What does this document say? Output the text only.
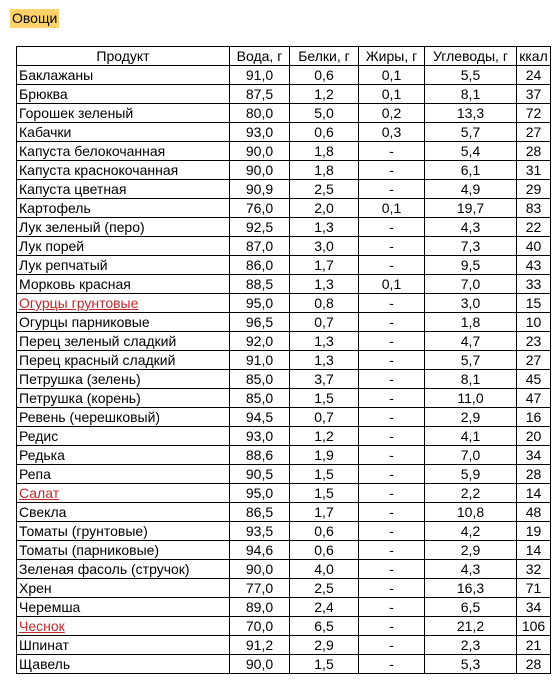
Овощи
Продукт	Вода, г	Белки, г	Жиры, г	Углеводы, г	ккал
Баклажаны	91,0	0,6	0,1	5,5	24
Брюква	87,5	1,2	0,1	8,1	37
Горошек зеленый	80,0	5,0	0,2	13,3	72
Кабачки	93,0	0,6	0,3	5,7	27
Капуста белокочанная	90,0	1,8	-	5,4	28
Капуста краснокочанная	90,0	1,8	-	6,1	31
Капуста цветная	90,9	2,5	-	4,9	29
Картофель	76,0	2,0	0,1	19,7	83
Лук зеленый (перо)	92,5	1,3	-	4,3	22
Лук порей	87,0	3,0	-	7,3	40
Лук репчатый	86,0	1,7	-	9,5	43
Морковь красная	88,5	1,3	0,1	7,0	33
Огурцы грунтовые	95,0	0,8	-	3,0	15
Огурцы парниковые	96,5	0,7	-	1,8	10
Перец зеленый сладкий	92,0	1,3	-	4,7	23
Перец красный сладкий	91,0	1,3	-	5,7	27
Петрушка (зелень)	85,0	3,7	-	8,1	45
Петрушка (корень)	85,0	1,5	-	11,0	47
Ревень (черешковый)	94,5	0,7	-	2,9	16
Редис	93,0	1,2	-	4,1	20
Редька	88,6	1,9	-	7,0	34
Репа	90,5	1,5	-	5,9	28
Салат	95,0	1,5	-	2,2	14
Свекла	86,5	1,7	-	10,8	48
Томаты (грунтовые)	93,5	0,6	-	4,2	19
Томаты (парниковые)	94,6	0,6	-	2,9	14
Зеленая фасоль (стручок)	90,0	4,0	-	4,3	32
Хрен	77,0	2,5	-	16,3	71
Черемша	89,0	2,4	-	6,5	34
Чеснок	70,0	6,5	-	21,2	106
Шпинат	91,2	2,9	-	2,3	21
Щавель	90,0	1,5	-	5,3	28
